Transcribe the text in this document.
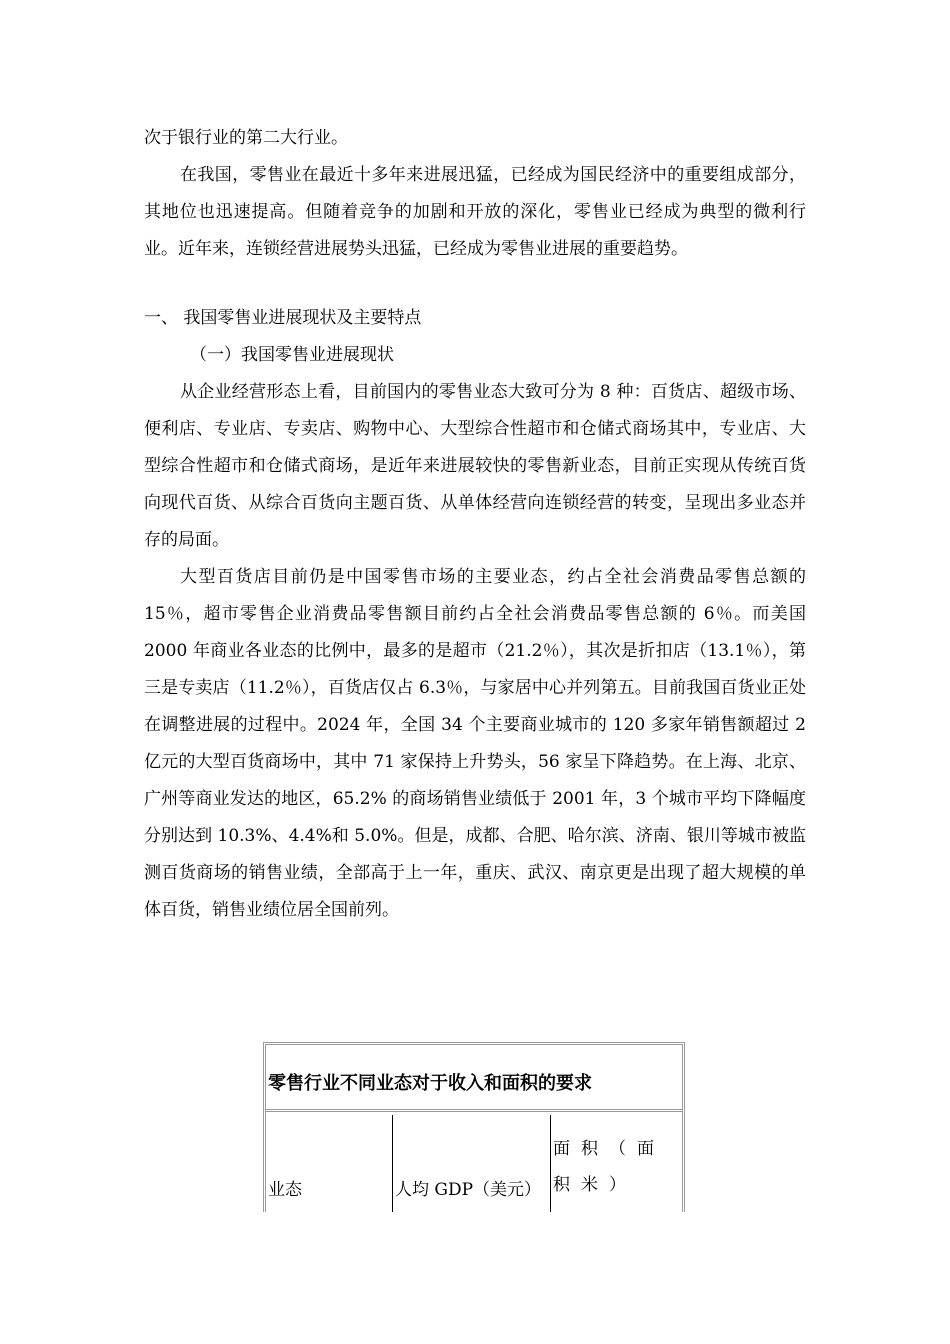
次于银行业的第二大行业。

在我国，零售业在最近十多年来进展迅猛，已经成为国民经济中的重要组成部分，其地位也迅速提高。但随着竞争的加剧和开放的深化，零售业已经成为典型的微利行业。近年来，连锁经营进展势头迅猛，已经成为零售业进展的重要趋势。

一、 我国零售业进展现状及主要特点

（一）我国零售业进展现状

从企业经营形态上看，目前国内的零售业态大致可分为 8 种：百货店、超级市场、便利店、专业店、专卖店、购物中心、大型综合性超市和仓储式商场其中，专业店、大型综合性超市和仓储式商场，是近年来进展较快的零售新业态，目前正实现从传统百货向现代百货、从综合百货向主题百货、从单体经营向连锁经营的转变，呈现出多业态并存的局面。

大型百货店目前仍是中国零售市场的主要业态，约占全社会消费品零售总额的 15％，超市零售企业消费品零售额目前约占全社会消费品零售总额的 6％。而美国 2000 年商业各业态的比例中，最多的是超市（21.2％），其次是折扣店（13.1％），第三是专卖店（11.2％），百货店仅占 6.3％，与家居中心并列第五。目前我国百货业正处在调整进展的过程中。2024 年，全国 34 个主要商业城市的 120 多家年销售额超过 2 亿元的大型百货商场中，其中 71 家保持上升势头，56 家呈下降趋势。在上海、北京、广州等商业发达的地区，65.2% 的商场销售业绩低于 2001 年，3 个城市平均下降幅度分别达到 10.3%、4.4%和 5.0%。但是，成都、合肥、哈尔滨、济南、银川等城市被监测百货商场的销售业绩，全部高于上一年，重庆、武汉、南京更是出现了超大规模的单体百货，销售业绩位居全国前列。

零售行业不同业态对于收入和面积的要求
业态	人均 GDP（美元）
面积（面积米）
